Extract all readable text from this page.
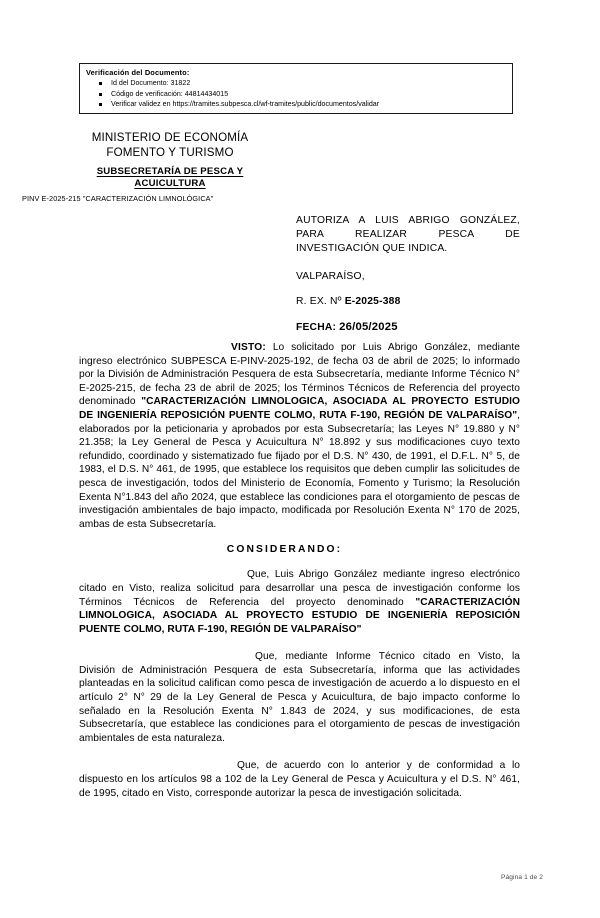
Verificación del Documento:
Id del Documento: 31822
Código de verificación: 44814434015
Verificar validez en https://tramites.subpesca.cl/wf-tramites/public/documentos/validar
MINISTERIO DE ECONOMÍA
FOMENTO Y TURISMO
SUBSECRETARÍA DE PESCA Y
ACUICULTURA
PINV E-2025-215 "CARACTERIZACIÓN LIMNOLÓGICA"
AUTORIZA A LUIS ABRIGO GONZÁLEZ, PARA REALIZAR PESCA DE INVESTIGACIÓN QUE INDICA.
VALPARAÍSO,
R. EX. Nº E-2025-388
FECHA: 26/05/2025

VISTO: Lo solicitado por Luis Abrigo González, mediante ingreso electrónico SUBPESCA E-PINV-2025-192, de fecha 03 de abril de 2025; lo informado por la División de Administración Pesquera de esta Subsecretaría, mediante Informe Técnico N° E-2025-215, de fecha 23 de abril de 2025; los Términos Técnicos de Referencia del proyecto denominado "CARACTERIZACIÓN LIMNOLOGICA, ASOCIADA AL PROYECTO ESTUDIO DE INGENIERÍA REPOSICIÓN PUENTE COLMO, RUTA F-190, REGIÓN DE VALPARAÍSO", elaborados por la peticionaria y aprobados por esta Subsecretaría; las Leyes N° 19.880 y N° 21.358; la Ley General de Pesca y Acuicultura N° 18.892 y sus modificaciones cuyo texto refundido, coordinado y sistematizado fue fijado por el D.S. N° 430, de 1991, el D.F.L. N° 5, de 1983, el D.S. N° 461, de 1995, que establece los requisitos que deben cumplir las solicitudes de pesca de investigación, todos del Ministerio de Economía, Fomento y Turismo; la Resolución Exenta N°1.843 del año 2024, que establece las condiciones para el otorgamiento de pescas de investigación ambientales de bajo impacto, modificada por Resolución Exenta N° 170 de 2025, ambas de esta Subsecretaría.

CONSIDERANDO:

Que, Luis Abrigo González mediante ingreso electrónico citado en Visto, realiza solicitud para desarrollar una pesca de investigación conforme los Términos Técnicos de Referencia del proyecto denominado "CARACTERIZACIÓN LIMNOLOGICA, ASOCIADA AL PROYECTO ESTUDIO DE INGENIERÍA REPOSICIÓN PUENTE COLMO, RUTA F-190, REGIÓN DE VALPARAÍSO"

Que, mediante Informe Técnico citado en Visto, la División de Administración Pesquera de esta Subsecretaría, informa que las actividades planteadas en la solicitud califican como pesca de investigación de acuerdo a lo dispuesto en el artículo 2° N° 29 de la Ley General de Pesca y Acuicultura, de bajo impacto conforme lo señalado en la Resolución Exenta N° 1.843 de 2024, y sus modificaciones, de esta Subsecretaría, que establece las condiciones para el otorgamiento de pescas de investigación ambientales de esta naturaleza.

Que, de acuerdo con lo anterior y de conformidad a lo dispuesto en los artículos 98 a 102 de la Ley General de Pesca y Acuicultura y el D.S. N° 461, de 1995, citado en Visto, corresponde autorizar la pesca de investigación solicitada.

Página 1 de 2
